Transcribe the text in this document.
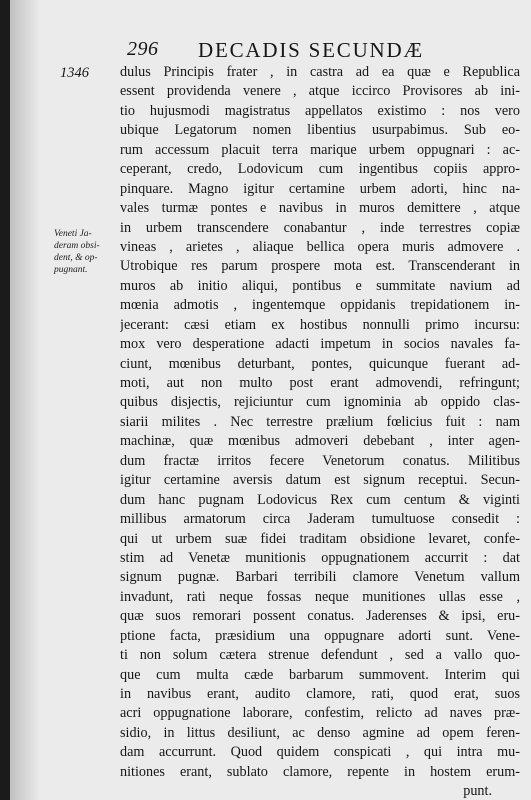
296 DECADIS SECUNDÆ
1346
Veneti Ja-
deram obsi-
dent, & op-
pugnant.
dulus Principis frater , in castra ad ea quæ e Republica
essent providenda venere , atque iccirco Provisores ab ini-
tio hujusmodi magistratus appellatos existimo : nos vero
ubique Legatorum nomen libentius usurpabimus. Sub eo-
rum accessum placuit terra marique urbem oppugnari : ac-
ceperant, credo, Lodovicum cum ingentibus copiis appro-
pinquare. Magno igitur certamine urbem adorti, hinc na-
vales turmæ pontes e navibus in muros demittere , atque
in urbem transcendere conabantur , inde terrestres copiæ
vineas , arietes , aliaque bellica opera muris admovere .
Utrobique res parum prospere mota est. Transcenderant in
muros ab initio aliqui, pontibus e summitate navium ad
mœnia admotis , ingentemque oppidanis trepidationem in-
jecerant: cæsi etiam ex hostibus nonnulli primo incursu:
mox vero desperatione adacti impetum in socios navales fa-
ciunt, mœnibus deturbant, pontes, quicunque fuerant ad-
moti, aut non multo post erant admovendi, refringunt;
quibus disjectis, rejiciuntur cum ignominia ab oppido clas-
siarii milites . Nec terrestre prælium fœlicius fuit : nam
machinæ, quæ mœnibus admoveri debebant , inter agen-
dum fractæ irritos fecere Venetorum conatus. Militibus
igitur certamine aversis datum est signum receptui. Secun-
dum hanc pugnam Lodovicus Rex cum centum & viginti
millibus armatorum circa Jaderam tumultuose consedit :
qui ut urbem suæ fidei traditam obsidione levaret, confe-
stim ad Venetæ munitionis oppugnationem accurrit : dat
signum pugnæ. Barbari terribili clamore Venetum vallum
invadunt, rati neque fossas neque munitiones ullas esse ,
quæ suos remorari possent conatus. Jaderenses & ipsi, eru-
ptione facta, præsidium una oppugnare adorti sunt. Vene-
ti non solum cætera strenue defendunt , sed a vallo quo-
que cum multa cæde barbarum summovent. Interim qui
in navibus erant, audito clamore, rati, quod erat, suos
acri oppugnatione laborare, confestim, relicto ad naves præ-
sidio, in littus desiliunt, ac denso agmine ad opem feren-
dam accurrunt. Quod quidem conspicati , qui intra mu-
nitiones erant, sublato clamore, repente in hostem erum-
punt.
